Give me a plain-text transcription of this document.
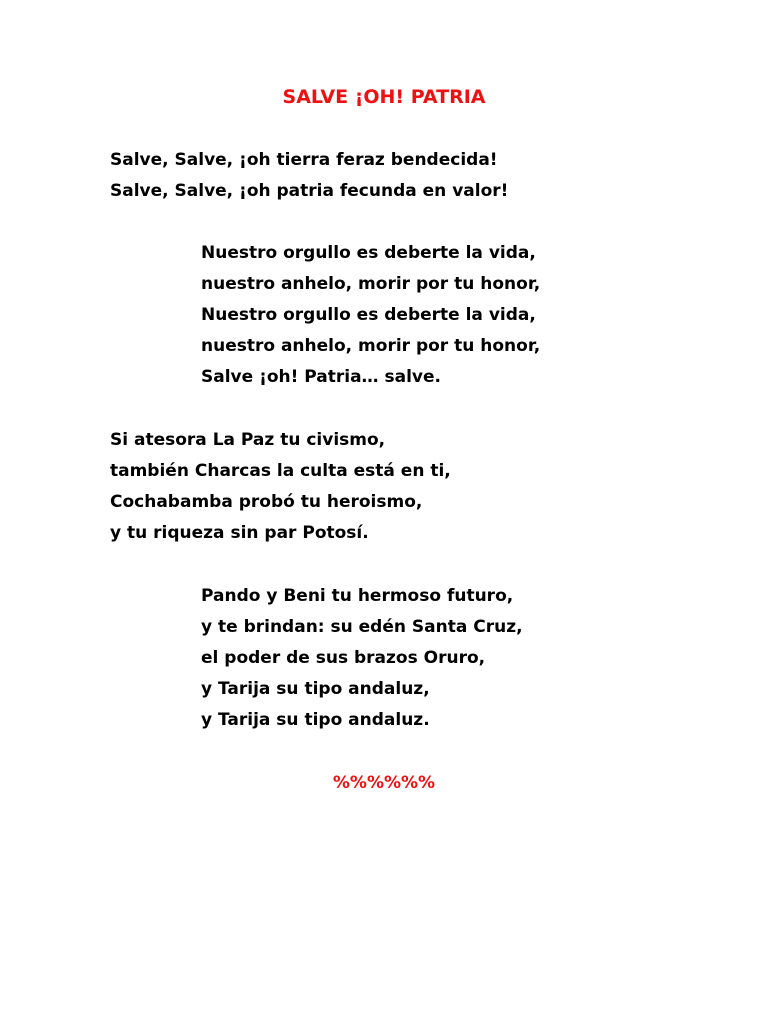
SALVE ¡OH! PATRIA
Salve, Salve, ¡oh tierra feraz bendecida!
Salve, Salve, ¡oh patria fecunda en valor!
Nuestro orgullo es deberte la vida,
nuestro anhelo, morir por tu honor,
Nuestro orgullo es deberte la vida,
nuestro anhelo, morir por tu honor,
Salve ¡oh! Patria… salve.
Si atesora La Paz tu civismo,
también Charcas la culta está en ti,
Cochabamba probó tu heroismo,
y tu riqueza sin par Potosí.
Pando y Beni tu hermoso futuro,
y te brindan: su edén Santa Cruz,
el poder de sus brazos Oruro,
y Tarija su tipo andaluz,
y Tarija su tipo andaluz.
%%%%%%
